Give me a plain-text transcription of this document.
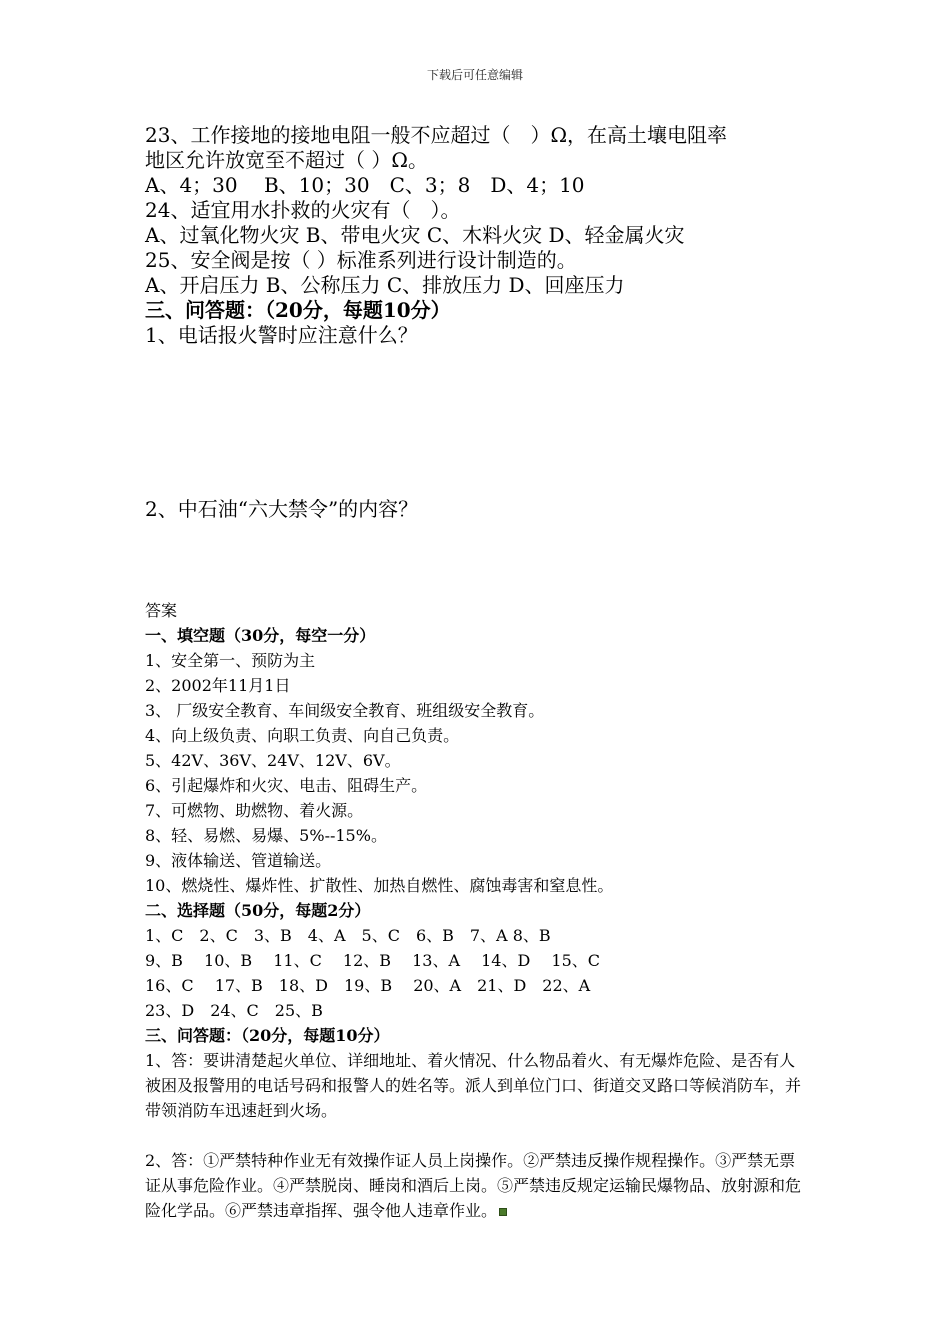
下载后可任意编辑
23、工作接地的接地电阻一般不应超过（　）Ω，在高土壤电阻率
地区允许放宽至不超过（ ）Ω。
A、4；30　 B、10；30　C、3；8　D、4；10
24、适宜用水扑救的火灾有（　）。
A、过氧化物火灾 B、带电火灾 C、木料火灾 D、轻金属火灾
25、安全阀是按（ ）标准系列进行设计制造的。
A、开启压力 B、公称压力 C、排放压力 D、回座压力
三、问答题：（20分，每题10分）
1、电话报火警时应注意什么？
2、中石油“六大禁令”的内容？
答案
一、填空题（30分，每空一分）
1、安全第一、预防为主
2、2002年11月1日
3、 厂级安全教育、车间级安全教育、班组级安全教育。
4、向上级负责、向职工负责、向自己负责。
5、42V、36V、24V、12V、6V。
6、引起爆炸和火灾、电击、阻碍生产。
7、可燃物、助燃物、着火源。
8、轻、易燃、易爆、5%--15%。
9、液体输送、管道输送。
10、燃烧性、爆炸性、扩散性、加热自燃性、腐蚀毒害和窒息性。
二、选择题（50分，每题2分）
1、C　2、C　3、B　4、A　5、C　6、B　7、A 8、B
9、B　 10、B　 11、C　 12、B　 13、A　 14、D　 15、C
16、C　 17、B　18、D　19、B　 20、A　21、D　22、A
23、D　24、C　25、B
三、问答题：（20分，每题10分）
1、答：要讲清楚起火单位、详细地址、着火情况、什么物品着火、有无爆炸危险、是否有人被困及报警用的电话号码和报警人的姓名等。派人到单位门口、街道交叉路口等候消防车，并带领消防车迅速赶到火场。
2、答：①严禁特种作业无有效操作证人员上岗操作。②严禁违反操作规程操作。③严禁无票证从事危险作业。④严禁脱岗、睡岗和酒后上岗。⑤严禁违反规定运输民爆物品、放射源和危险化学品。⑥严禁违章指挥、强令他人违章作业。
